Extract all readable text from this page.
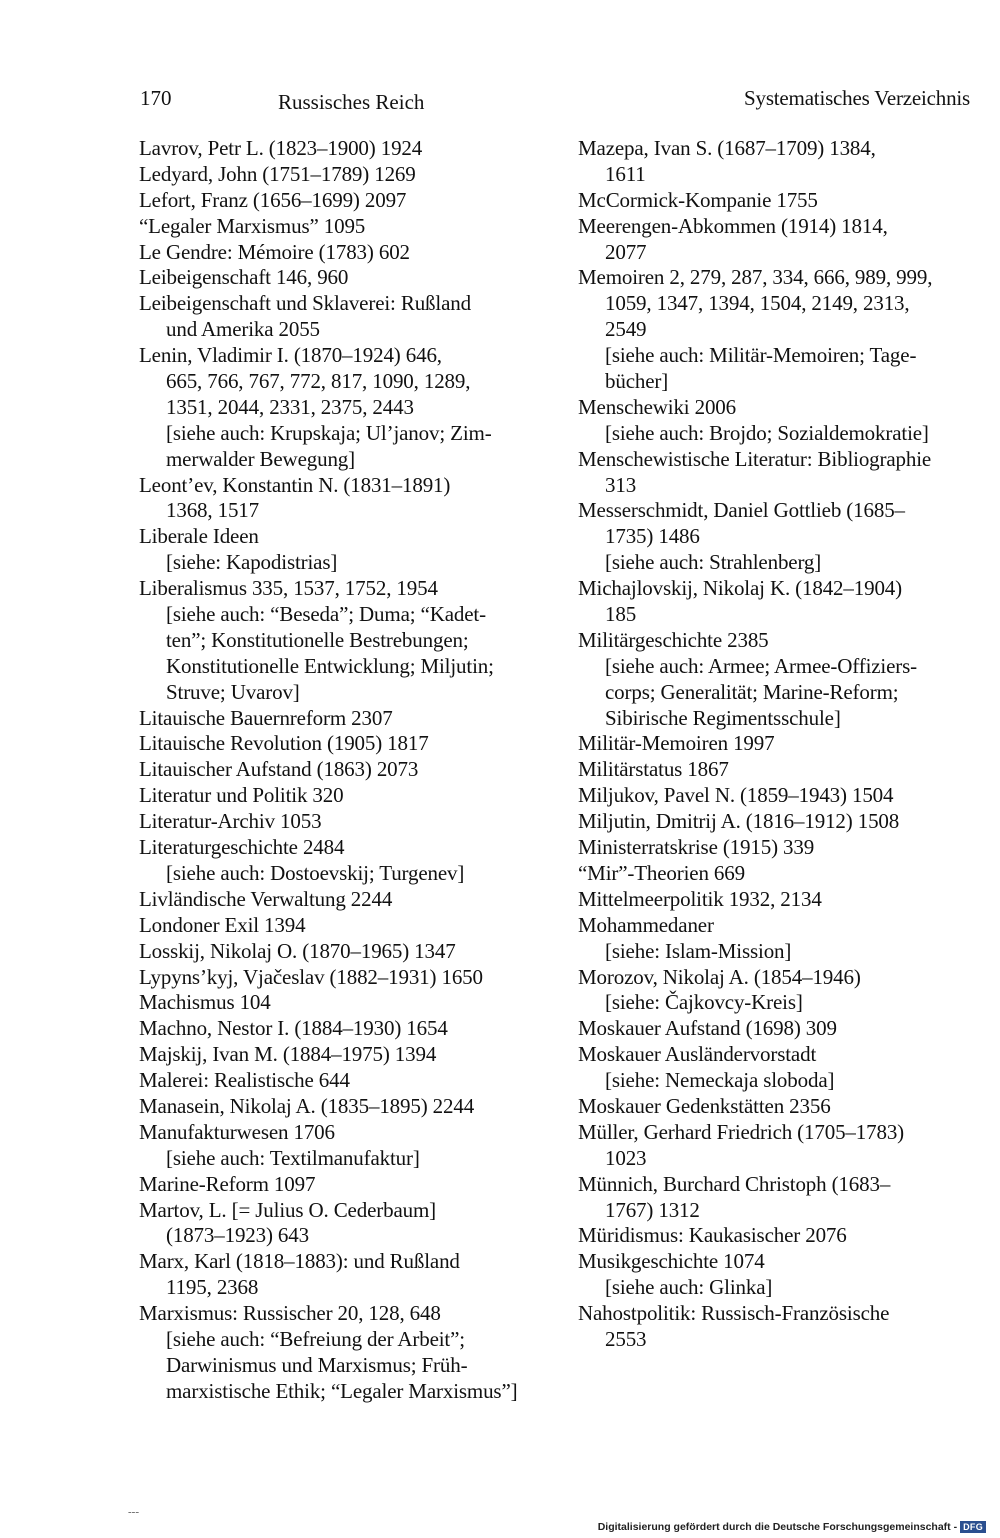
170	Russisches Reich	Systematisches Verzeichnis
Lavrov, Petr L. (1823–1900) 1924
Ledyard, John (1751–1789) 1269
Lefort, Franz (1656–1699) 2097
“Legaler Marxismus” 1095
Le Gendre: Mémoire (1783) 602
Leibeigenschaft 146, 960
Leibeigenschaft und Sklaverei: Rußland
und Amerika 2055
Lenin, Vladimir I. (1870–1924) 646,
665, 766, 767, 772, 817, 1090, 1289,
1351, 2044, 2331, 2375, 2443
[siehe auch: Krupskaja; Ul’janov; Zim-
merwalder Bewegung]
Leont’ev, Konstantin N. (1831–1891)
1368, 1517
Liberale Ideen
[siehe: Kapodistrias]
Liberalismus 335, 1537, 1752, 1954
[siehe auch: “Beseda”; Duma; “Kadet-
ten”; Konstitutionelle Bestrebungen;
Konstitutionelle Entwicklung; Miljutin;
Struve; Uvarov]
Litauische Bauernreform 2307
Litauische Revolution (1905) 1817
Litauischer Aufstand (1863) 2073
Literatur und Politik 320
Literatur-Archiv 1053
Literaturgeschichte 2484
[siehe auch: Dostoevskij; Turgenev]
Livländische Verwaltung 2244
Londoner Exil 1394
Losskij, Nikolaj O. (1870–1965) 1347
Lypyns’kyj, Vjačeslav (1882–1931) 1650
Machismus 104
Machno, Nestor I. (1884–1930) 1654
Majskij, Ivan M. (1884–1975) 1394
Malerei: Realistische 644
Manasein, Nikolaj A. (1835–1895) 2244
Manufakturwesen 1706
[siehe auch: Textilmanufaktur]
Marine-Reform 1097
Martov, L. [= Julius O. Cederbaum]
(1873–1923) 643
Marx, Karl (1818–1883): und Rußland
1195, 2368
Marxismus: Russischer 20, 128, 648
[siehe auch: “Befreiung der Arbeit”;
Darwinismus und Marxismus; Früh-
marxistische Ethik; “Legaler Marxismus”]
Mazepa, Ivan S. (1687–1709) 1384,
1611
McCormick-Kompanie 1755
Meerengen-Abkommen (1914) 1814,
2077
Memoiren 2, 279, 287, 334, 666, 989, 999,
1059, 1347, 1394, 1504, 2149, 2313,
2549
[siehe auch: Militär-Memoiren; Tage-
bücher]
Menschewiki 2006
[siehe auch: Brojdo; Sozialdemokratie]
Menschewistische Literatur: Bibliographie
313
Messerschmidt, Daniel Gottlieb (1685–
1735) 1486
[siehe auch: Strahlenberg]
Michajlovskij, Nikolaj K. (1842–1904)
185
Militärgeschichte 2385
[siehe auch: Armee; Armee-Offiziers-
corps; Generalität; Marine-Reform;
Sibirische Regimentsschule]
Militär-Memoiren 1997
Militärstatus 1867
Miljukov, Pavel N. (1859–1943) 1504
Miljutin, Dmitrij A. (1816–1912) 1508
Ministerratskrise (1915) 339
“Mir”-Theorien 669
Mittelmeerpolitik 1932, 2134
Mohammedaner
[siehe: Islam-Mission]
Morozov, Nikolaj A. (1854–1946)
[siehe: Čajkovcy-Kreis]
Moskauer Aufstand (1698) 309
Moskauer Ausländervorstadt
[siehe: Nemeckaja sloboda]
Moskauer Gedenkstätten 2356
Müller, Gerhard Friedrich (1705–1783)
1023
Münnich, Burchard Christoph (1683–
1767) 1312
Müridismus: Kaukasischer 2076
Musikgeschichte 1074
[siehe auch: Glinka]
Nahostpolitik: Russisch-Französische
2553
---
Digitalisierung gefördert durch die Deutsche Forschungsgemeinschaft - DFG
